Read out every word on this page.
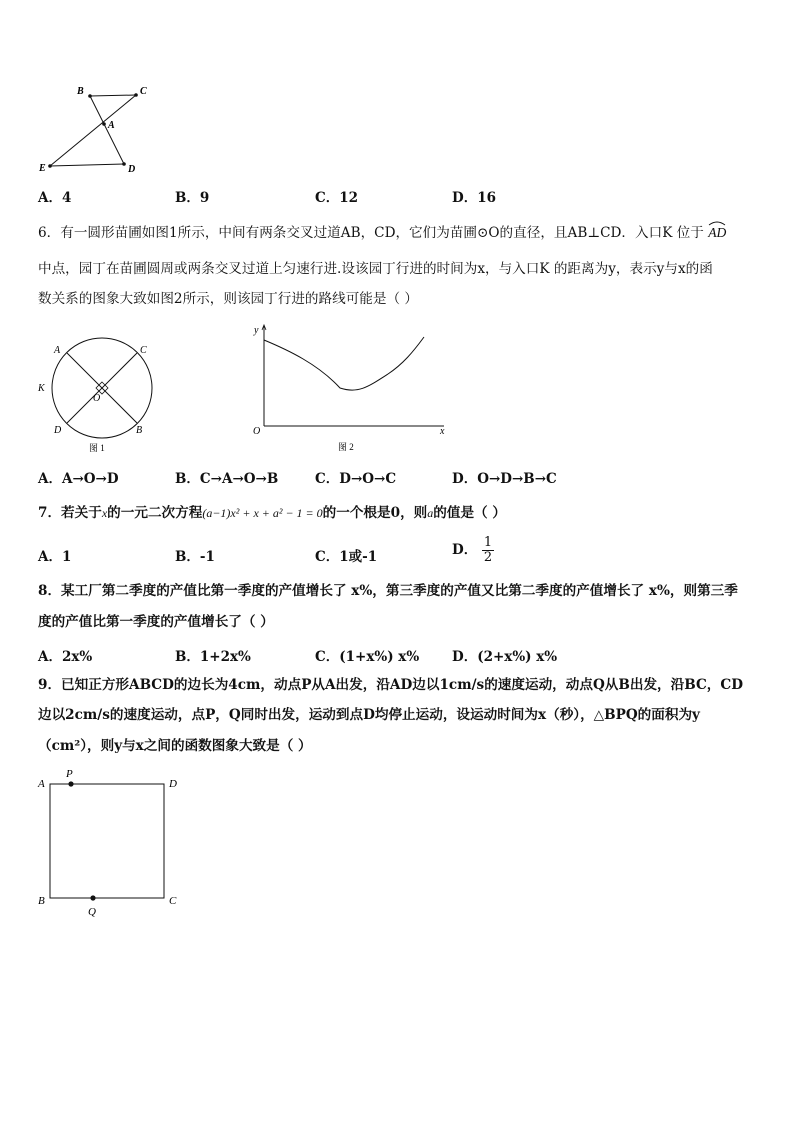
B	C
A
E	D
A．4	B．9	C．12	D．16
6．有一圆形苗圃如图1所示，中间有两条交叉过道AB，CD，它们为苗圃⊙O的直径，且AB⊥CD．入口K 位于 AD
中点，园丁在苗圃圆周或两条交叉过道上匀速行进.设该园丁行进的时间为x，与入口K 的距离为y，表示y与x的函
数关系的图象大致如图2所示，则该园丁行进的路线可能是（ ）
A	C
K
O
D	B
图 1
y
O	x
图 2
A．A→O→D	B．C→A→O→B	C．D→O→C	D．O→D→B→C
7．若关于x的一元二次方程(a−1)x² + x + a² − 1 = 0的一个根是0，则a的值是（ ）
A．1	B．-1	C．1或-1	D． $\frac{1}{2}$
8．某工厂第二季度的产值比第一季度的产值增长了 x%，第三季度的产值又比第二季度的产值增长了 x%，则第三季
度的产值比第一季度的产值增长了（ ）
A．2x%	B．1+2x%	C．(1+x%) x% D．(2+x%) x%
9．已知正方形ABCD的边长为4cm，动点P从A出发，沿AD边以1cm/s的速度运动，动点Q从B出发，沿BC，CD
边以2cm/s的速度运动，点P，Q同时出发，运动到点D均停止运动，设运动时间为x（秒），△BPQ的面积为y
（cm²），则y与x之间的函数图象大致是（ ）
A
P
D
B
Q
C
